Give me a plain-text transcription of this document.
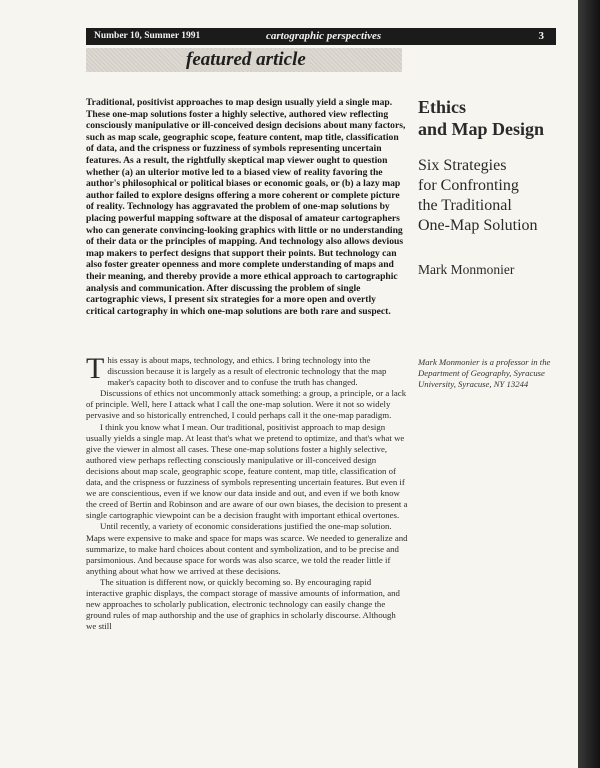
Number 10, Summer 1991	cartographic perspectives	3
featured article

Traditional, positivist approaches to map design usually yield a single map. These one-map solutions foster a highly selective, authored view reflecting consciously manipulative or ill-conceived design decisions about many factors, such as map scale, geographic scope, feature content, map title, classification of data, and the crispness or fuzziness of symbols representing uncertain features. As a result, the rightfully skeptical map viewer ought to question whether (a) an ulterior motive led to a biased view of reality favoring the author's philosophical or political biases or economic goals, or (b) a lazy map author failed to explore designs offering a more coherent or complete picture of reality. Technology has aggravated the problem of one-map solutions by placing powerful mapping software at the disposal of amateur cartographers who can generate convincing-looking graphics with little or no understanding of their data or the principles of mapping. And technology also allows devious map makers to perfect designs that support their points. But technology can also foster greater openness and more complete understanding of maps and their meaning, and thereby provide a more ethical approach to cartographic analysis and communication. After discussing the problem of single cartographic views, I present six strategies for a more open and overtly critical cartography in which one-map solutions are both rare and suspect.

Ethics
and Map Design
Six Strategies
for Confronting
the Traditional
One-Map Solution
Mark Monmonier
Mark Monmonier is a professor in the
Department of Geography, Syracuse
University, Syracuse, NY 13244

This essay is about maps, technology, and ethics. I bring technology into the discussion because it is largely as a result of electronic technology that the map maker's capacity both to discover and to confuse the truth has changed.

Discussions of ethics not uncommonly attack something: a group, a principle, or a lack of principle. Well, here I attack what I call the one-map solution. Were it not so widely pervasive and so historically entrenched, I could perhaps call it the one-map paradigm.

I think you know what I mean. Our traditional, positivist approach to map design usually yields a single map. At least that's what we pretend to optimize, and that's what we give the viewer in almost all cases. These one-map solutions foster a highly selective, authored view perhaps reflecting consciously manipulative or ill-conceived design decisions about map scale, geographic scope, feature content, map title, classification of data, and the crispness or fuzziness of symbols representing uncertain features. But even if we are conscientious, even if we know our data inside and out, and even if we both know the creed of Bertin and Robinson and are aware of our own biases, the decision to present a single cartographic viewpoint can be a decision fraught with important ethical overtones.

Until recently, a variety of economic considerations justified the one-map solution. Maps were expensive to make and space for maps was scarce. We needed to generalize and summarize, to make hard choices about content and symbolization, and to be precise and parsimonious. And because space for words was also scarce, we told the reader little if anything about what how we arrived at these decisions.

The situation is different now, or quickly becoming so. By encouraging rapid interactive graphic displays, the compact storage of massive amounts of information, and new approaches to scholarly publication, electronic technology can easily change the ground rules of map authorship and the use of graphics in scholarly discourse. Although we still
